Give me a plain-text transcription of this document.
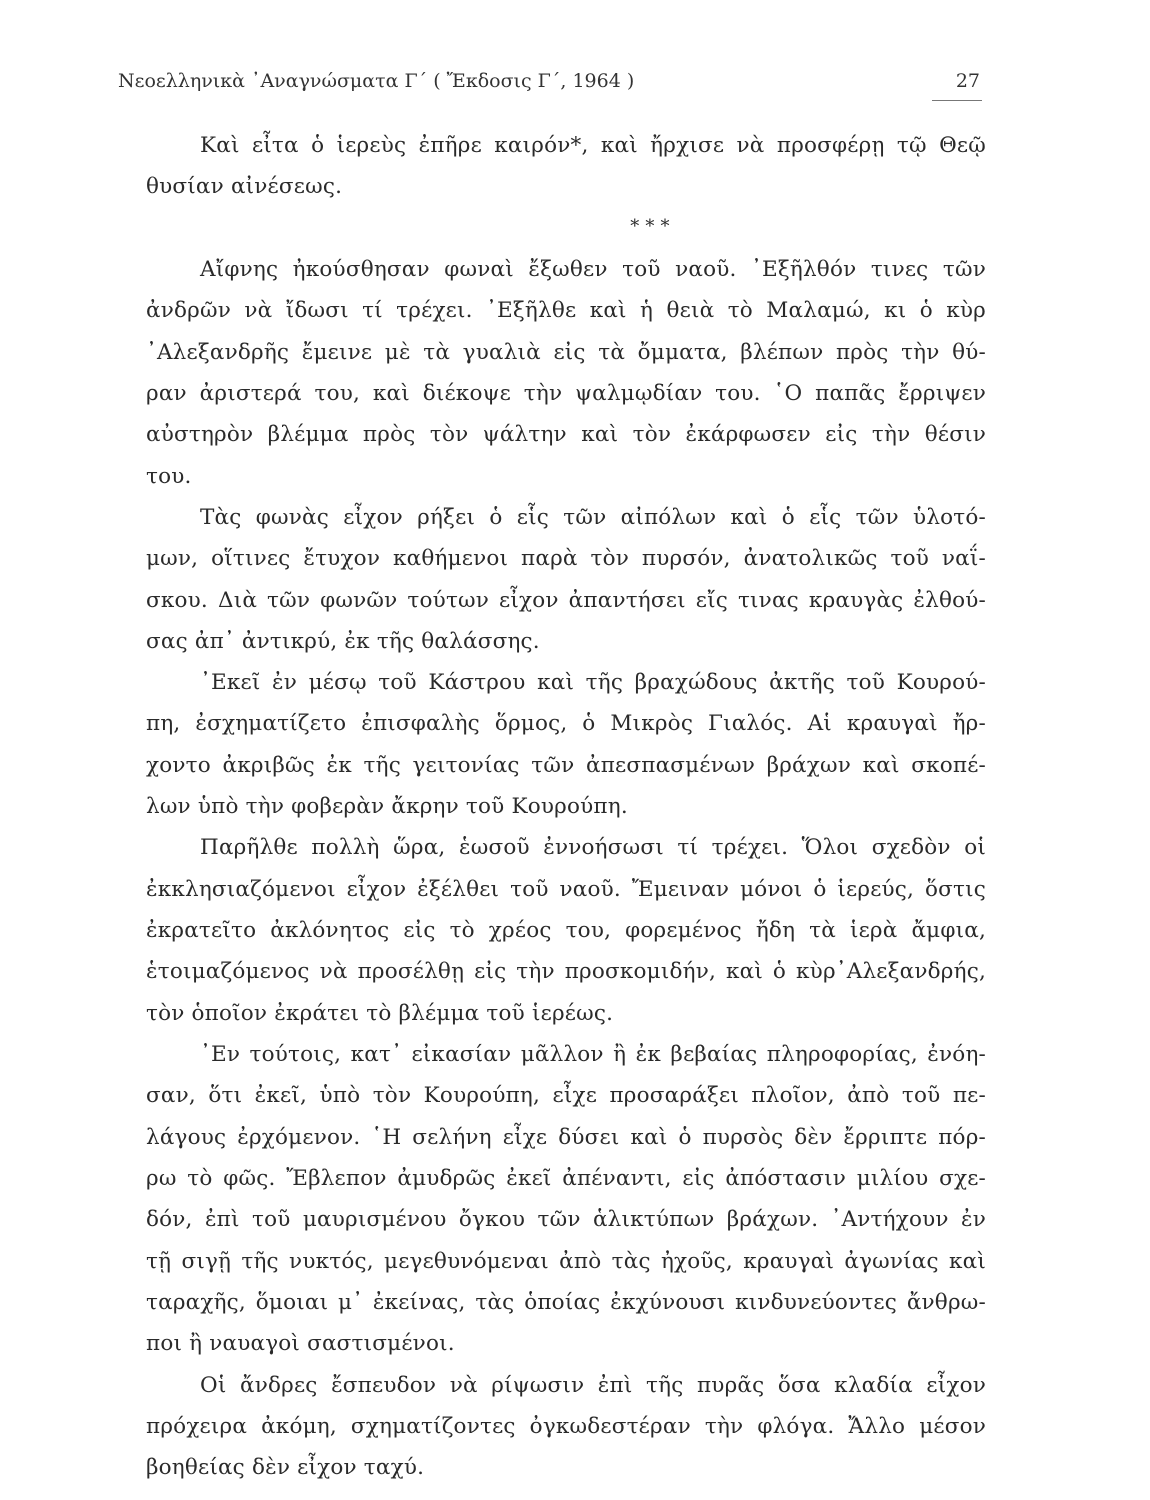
Νεοελληνικὰ ᾿Αναγνώσματα Γ´ ( Ἔκδοσις Γ´, 1964 )	27
Καὶ εἶτα ὁ ἱερεὺς ἐπῆρε καιρόν*, καὶ ἤρχισε νὰ προσφέρῃ τῷ Θεῷ
θυσίαν αἰνέσεως.
* * *
Αἴφνης ἠκούσθησαν φωναὶ ἔξωθεν τοῦ ναοῦ. ᾿Εξῆλθόν τινες τῶν
ἀνδρῶν νὰ ἴδωσι τί τρέχει. ᾿Εξῆλθε καὶ ἡ θειὰ τὸ Μαλαμώ, κι ὁ κὺρ
᾿Αλεξανδρῆς ἔμεινε μὲ τὰ γυαλιὰ εἰς τὰ ὄμματα, βλέπων πρὸς τὴν θύ-
ραν ἀριστερά του, καὶ διέκοψε τὴν ψαλμῳδίαν του. ῾Ο παπᾶς ἔρριψεν
αὐστηρὸν βλέμμα πρὸς τὸν ψάλτην καὶ τὸν ἐκάρφωσεν εἰς τὴν θέσιν
του.
Τὰς φωνὰς εἶχον ρήξει ὁ εἷς τῶν αἰπόλων καὶ ὁ εἷς τῶν ὑλοτό-
μων, οἵτινες ἔτυχον καθήμενοι παρὰ τὸν πυρσόν, ἀνατολικῶς τοῦ ναΐ-
σκου. Διὰ τῶν φωνῶν τούτων εἶχον ἀπαντήσει εἴς τινας κραυγὰς ἐλθού-
σας ἀπ᾿ ἀντικρύ, ἐκ τῆς θαλάσσης.
᾿Εκεῖ ἐν μέσῳ τοῦ Κάστρου καὶ τῆς βραχώδους ἀκτῆς τοῦ Κουρού-
πη, ἐσχηματίζετο ἐπισφαλὴς ὅρμος, ὁ Μικρὸς Γιαλός. Αἱ κραυγαὶ ἤρ-
χοντο ἀκριβῶς ἐκ τῆς γειτονίας τῶν ἀπεσπασμένων βράχων καὶ σκοπέ-
λων ὑπὸ τὴν φοβερὰν ἄκρην τοῦ Κουρούπη.
Παρῆλθε πολλὴ ὥρα, ἑωσοῦ ἐννοήσωσι τί τρέχει. Ὅλοι σχεδὸν οἱ
ἐκκλησιαζόμενοι εἶχον ἐξέλθει τοῦ ναοῦ. Ἔμειναν μόνοι ὁ ἱερεύς, ὅστις
ἐκρατεῖτο ἀκλόνητος εἰς τὸ χρέος του, φορεμένος ἤδη τὰ ἱερὰ ἄμφια,
ἑτοιμαζόμενος νὰ προσέλθῃ εἰς τὴν προσκομιδήν, καὶ ὁ κὺρ᾿Αλεξανδρής,
τὸν ὁποῖον ἐκράτει τὸ βλέμμα τοῦ ἱερέως.
᾿Εν τούτοις, κατ᾿ εἰκασίαν μᾶλλον ἢ ἐκ βεβαίας πληροφορίας, ἐνόη-
σαν, ὅτι ἐκεῖ, ὑπὸ τὸν Κουρούπη, εἶχε προσαράξει πλοῖον, ἀπὸ τοῦ πε-
λάγους ἐρχόμενον. ῾Η σελήνη εἶχε δύσει καὶ ὁ πυρσὸς δὲν ἔρριπτε πόρ-
ρω τὸ φῶς. Ἔβλεπον ἀμυδρῶς ἐκεῖ ἀπέναντι, εἰς ἀπόστασιν μιλίου σχε-
δόν, ἐπὶ τοῦ μαυρισμένου ὄγκου τῶν ἁλικτύπων βράχων. ᾿Αντήχουν ἐν
τῇ σιγῇ τῆς νυκτός, μεγεθυνόμεναι ἀπὸ τὰς ἠχοῦς, κραυγαὶ ἀγωνίας καὶ
ταραχῆς, ὅμοιαι μ᾿ ἐκείνας, τὰς ὁποίας ἐκχύνουσι κινδυνεύοντες ἄνθρω-
ποι ἢ ναυαγοὶ σαστισμένοι.
Οἱ ἄνδρες ἔσπευδον νὰ ρίψωσιν ἐπὶ τῆς πυρᾶς ὅσα κλαδία εἶχον
πρόχειρα ἀκόμη, σχηματίζοντες ὀγκωδεστέραν τὴν φλόγα. Ἄλλο μέσον
βοηθείας δὲν εἶχον ταχύ.
